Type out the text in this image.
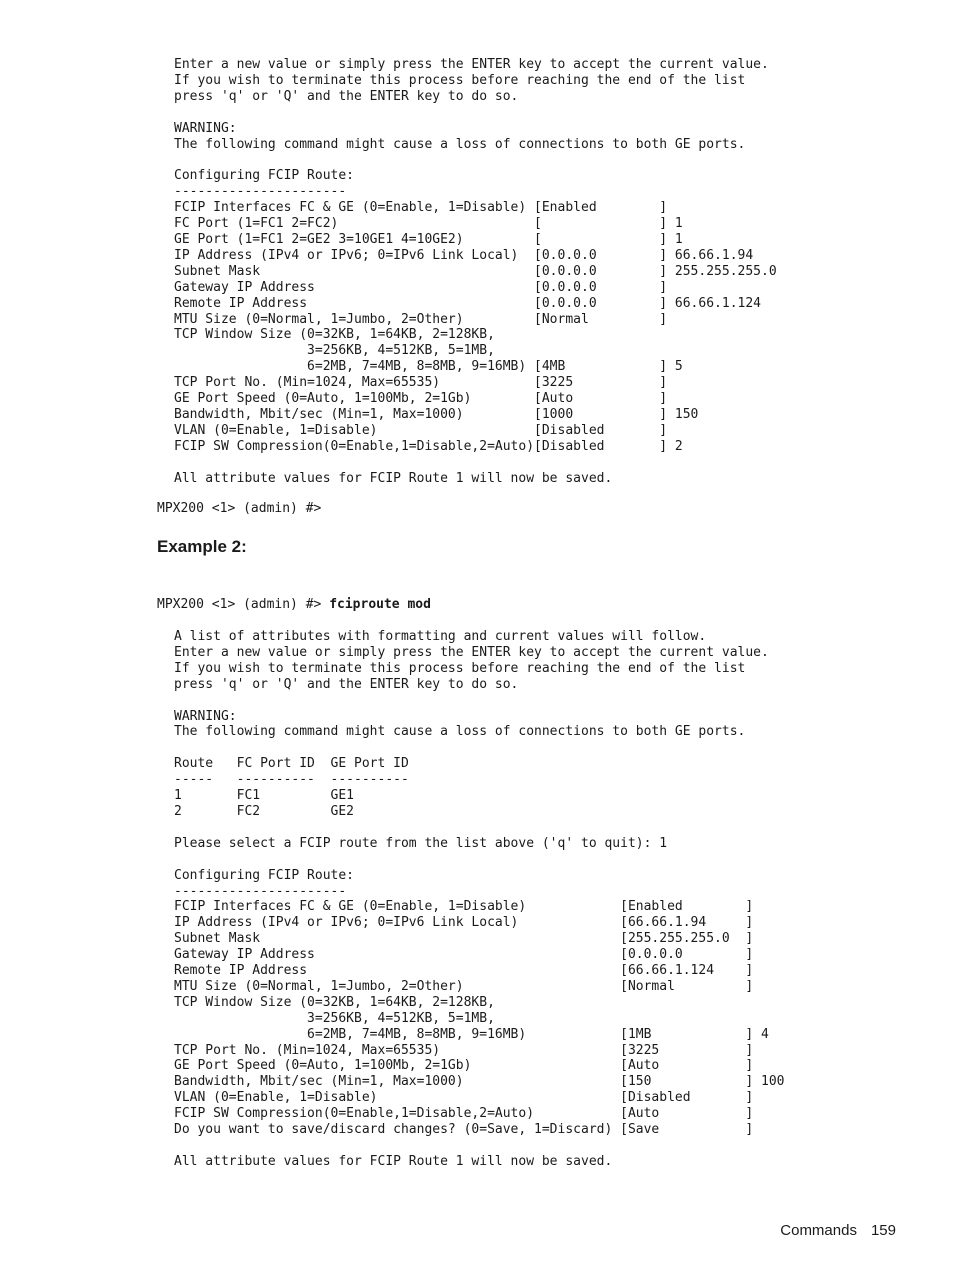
Enter a new value or simply press the ENTER key to accept the current value.
If you wish to terminate this process before reaching the end of the list
press 'q' or 'Q' and the ENTER key to do so.

WARNING:
The following command might cause a loss of connections to both GE ports.

Configuring FCIP Route:
----------------------
FCIP Interfaces FC & GE (0=Enable, 1=Disable) [Enabled        ]
FC Port (1=FC1 2=FC2)                         [               ] 1
GE Port (1=FC1 2=GE2 3=10GE1 4=10GE2)         [               ] 1
IP Address (IPv4 or IPv6; 0=IPv6 Link Local)  [0.0.0.0        ] 66.66.1.94
Subnet Mask                                   [0.0.0.0        ] 255.255.255.0
Gateway IP Address                            [0.0.0.0        ]
Remote IP Address                             [0.0.0.0        ] 66.66.1.124
MTU Size (0=Normal, 1=Jumbo, 2=Other)         [Normal         ]
TCP Window Size (0=32KB, 1=64KB, 2=128KB,
3=256KB, 4=512KB, 5=1MB,
6=2MB, 7=4MB, 8=8MB, 9=16MB) [4MB            ] 5
TCP Port No. (Min=1024, Max=65535)            [3225           ]
GE Port Speed (0=Auto, 1=100Mb, 2=1Gb)        [Auto           ]
Bandwidth, Mbit/sec (Min=1, Max=1000)         [1000           ] 150
VLAN (0=Enable, 1=Disable)                    [Disabled       ]
FCIP SW Compression(0=Enable,1=Disable,2=Auto)[Disabled       ] 2

All attribute values for FCIP Route 1 will now be saved.
MPX200 <1> (admin) #>
Example 2:
MPX200 <1> (admin) #> fciproute mod
A list of attributes with formatting and current values will follow.
Enter a new value or simply press the ENTER key to accept the current value.
If you wish to terminate this process before reaching the end of the list
press 'q' or 'Q' and the ENTER key to do so.

WARNING:
The following command might cause a loss of connections to both GE ports.

Route   FC Port ID  GE Port ID
-----   ----------  ----------
1       FC1         GE1
2       FC2         GE2

Please select a FCIP route from the list above ('q' to quit): 1

Configuring FCIP Route:
----------------------
FCIP Interfaces FC & GE (0=Enable, 1=Disable)            [Enabled        ]
IP Address (IPv4 or IPv6; 0=IPv6 Link Local)             [66.66.1.94     ]
Subnet Mask                                              [255.255.255.0  ]
Gateway IP Address                                       [0.0.0.0        ]
Remote IP Address                                        [66.66.1.124    ]
MTU Size (0=Normal, 1=Jumbo, 2=Other)                    [Normal         ]
TCP Window Size (0=32KB, 1=64KB, 2=128KB,
3=256KB, 4=512KB, 5=1MB,
6=2MB, 7=4MB, 8=8MB, 9=16MB)            [1MB            ] 4
TCP Port No. (Min=1024, Max=65535)                       [3225           ]
GE Port Speed (0=Auto, 1=100Mb, 2=1Gb)                   [Auto           ]
Bandwidth, Mbit/sec (Min=1, Max=1000)                    [150            ] 100
VLAN (0=Enable, 1=Disable)                               [Disabled       ]
FCIP SW Compression(0=Enable,1=Disable,2=Auto)           [Auto           ]
Do you want to save/discard changes? (0=Save, 1=Discard) [Save           ]

All attribute values for FCIP Route 1 will now be saved.
Commands 159
